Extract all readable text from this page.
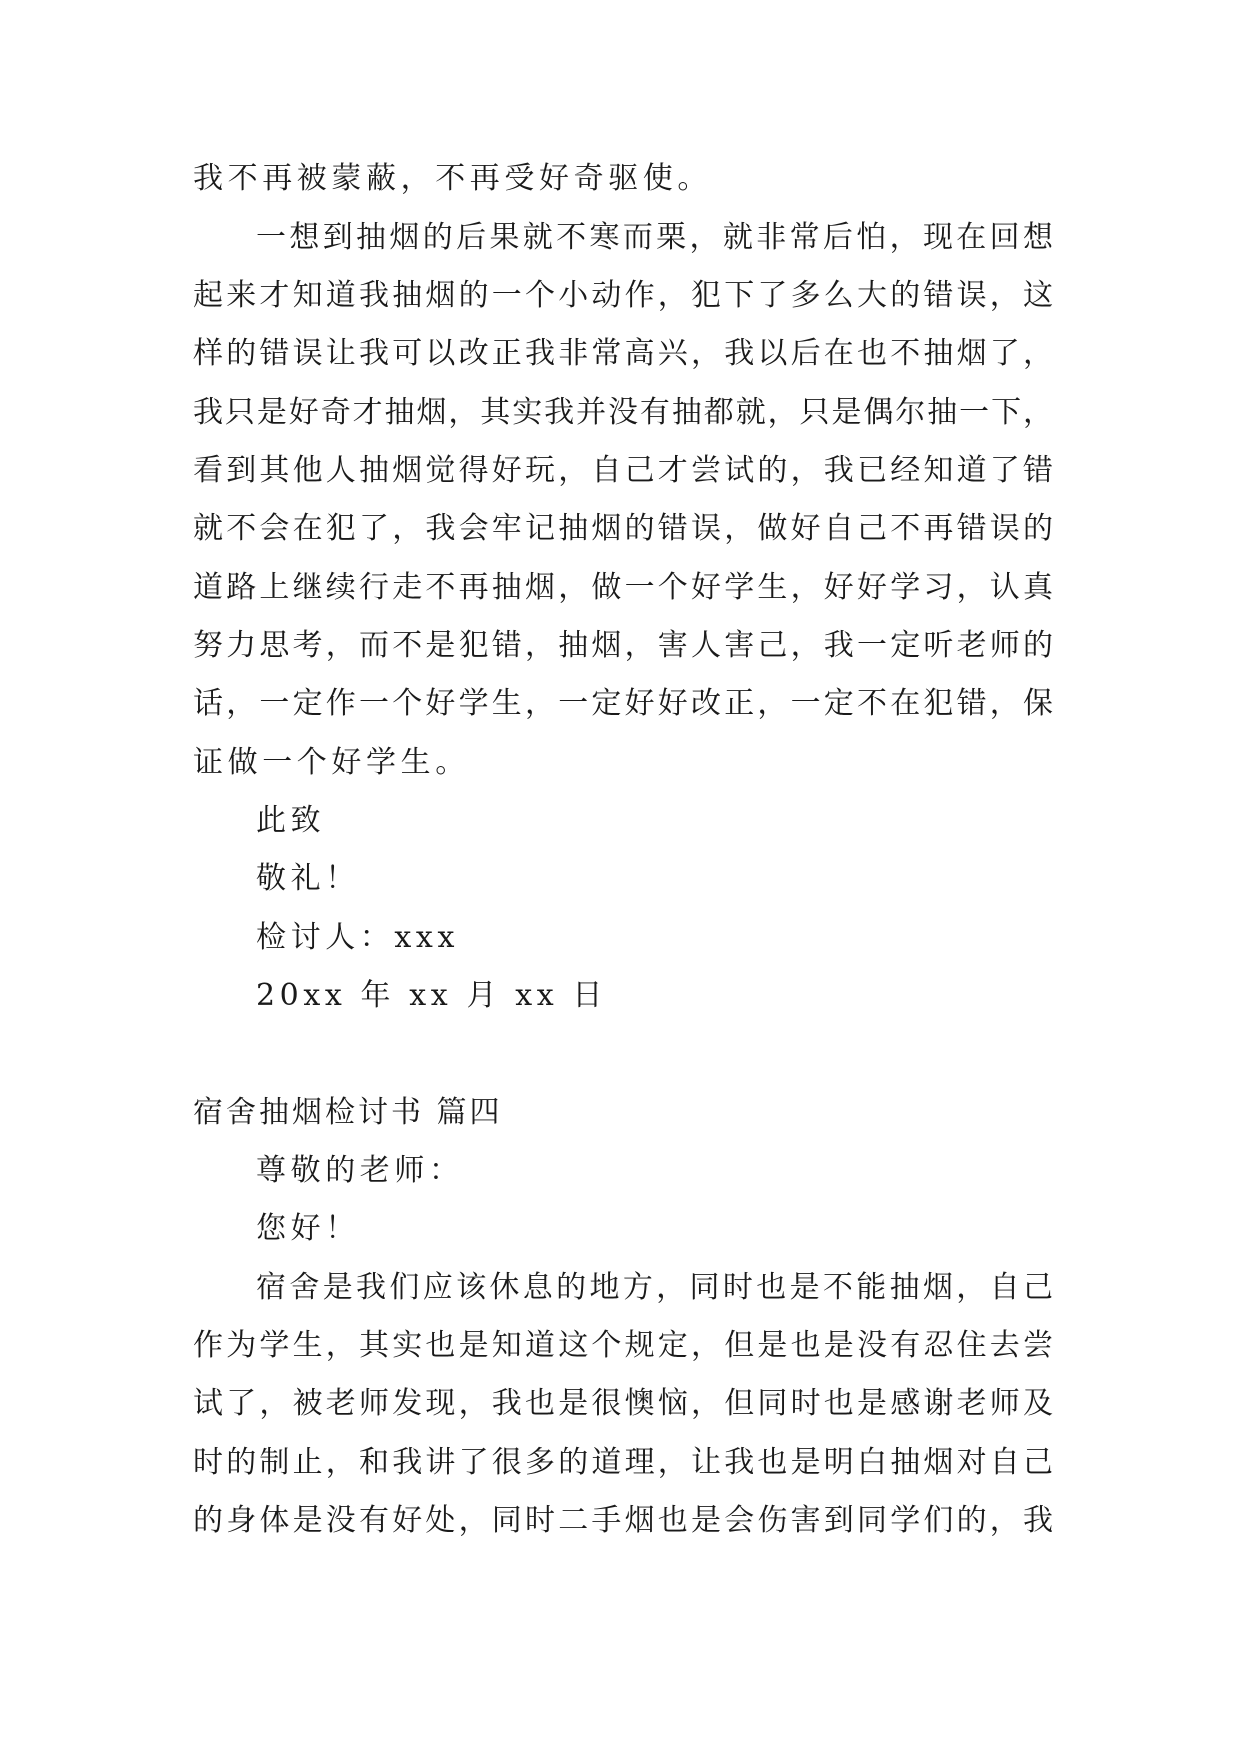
我不再被蒙蔽，不再受好奇驱使。
一想到抽烟的后果就不寒而栗，就非常后怕，现在回想
起来才知道我抽烟的一个小动作，犯下了多么大的错误，这
样的错误让我可以改正我非常高兴，我以后在也不抽烟了，
我只是好奇才抽烟，其实我并没有抽都就，只是偶尔抽一下，
看到其他人抽烟觉得好玩，自己才尝试的，我已经知道了错
就不会在犯了，我会牢记抽烟的错误，做好自己不再错误的
道路上继续行走不再抽烟，做一个好学生，好好学习，认真
努力思考，而不是犯错，抽烟，害人害己，我一定听老师的
话，一定作一个好学生，一定好好改正，一定不在犯错，保
证做一个好学生。
此致
敬礼！
检讨人：xxx
20xx 年 xx 月 xx 日
宿舍抽烟检讨书 篇四
尊敬的老师：
您好！
宿舍是我们应该休息的地方，同时也是不能抽烟，自己
作为学生，其实也是知道这个规定，但是也是没有忍住去尝
试了，被老师发现，我也是很懊恼，但同时也是感谢老师及
时的制止，和我讲了很多的道理，让我也是明白抽烟对自己
的身体是没有好处，同时二手烟也是会伤害到同学们的，我
